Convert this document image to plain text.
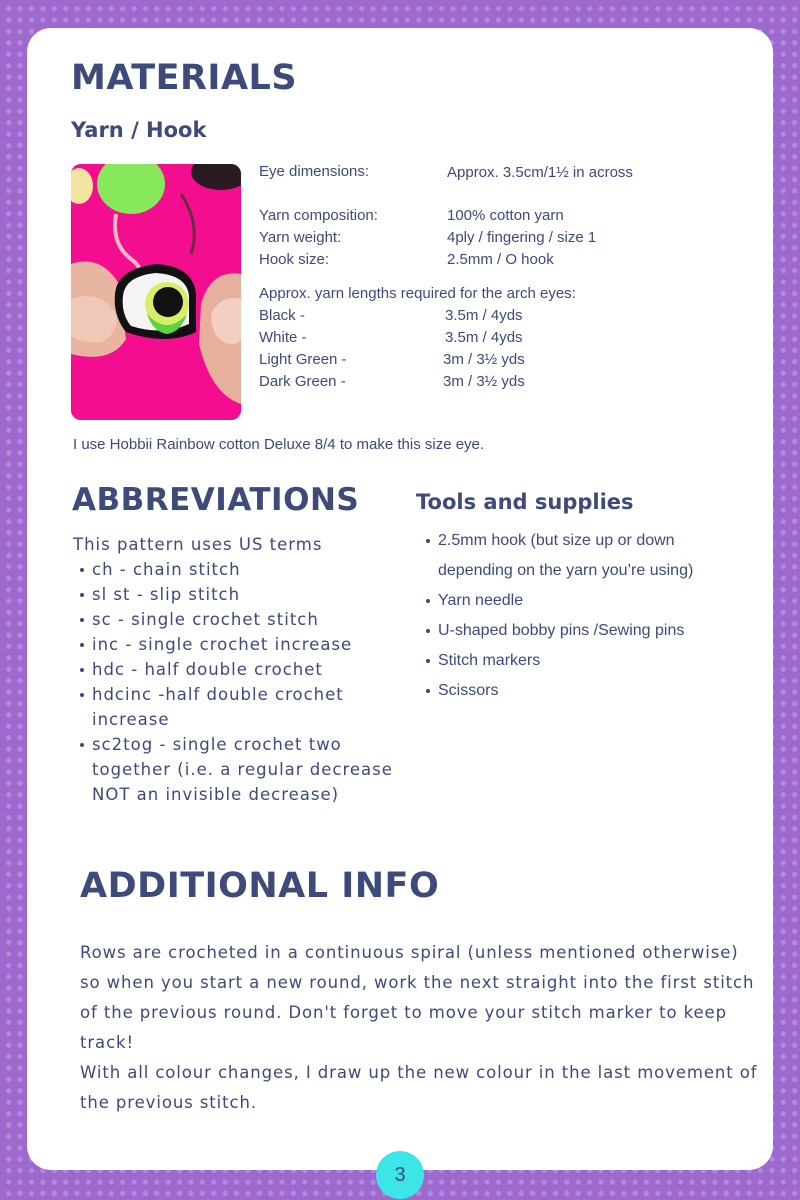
MATERIALS
Yarn / Hook
Eye dimensions:	Approx. 3.5cm/1½ in across
Yarn composition:	100% cotton yarn
Yarn weight:	4ply / fingering / size 1
Hook size:	2.5mm / O hook
Approx. yarn lengths required for the arch eyes:
Black -	3.5m / 4yds
White -	3.5m / 4yds
Light Green -	3m / 3½ yds
Dark Green -	3m / 3½ yds
I use Hobbii Rainbow cotton Deluxe 8/4 to make this size eye.
ABBREVIATIONS
This pattern uses US terms
ch - chain stitch
sl st - slip stitch
sc - single crochet stitch
inc - single crochet increase
hdc - half double crochet
hdcinc -half double crochet increase
sc2tog - single crochet two together (i.e. a regular decrease NOT an invisible decrease)
Tools and supplies
2.5mm hook (but size up or down depending on the yarn you’re using)
Yarn needle
U-shaped bobby pins /Sewing pins
Stitch markers
Scissors
ADDITIONAL INFO

Rows are crocheted in a continuous spiral (unless mentioned otherwise) so when you start a new round, work the next straight into the first stitch of the previous round. Don't forget to move your stitch marker to keep track!

With all colour changes, I draw up the new colour in the last movement of the previous stitch.

3
